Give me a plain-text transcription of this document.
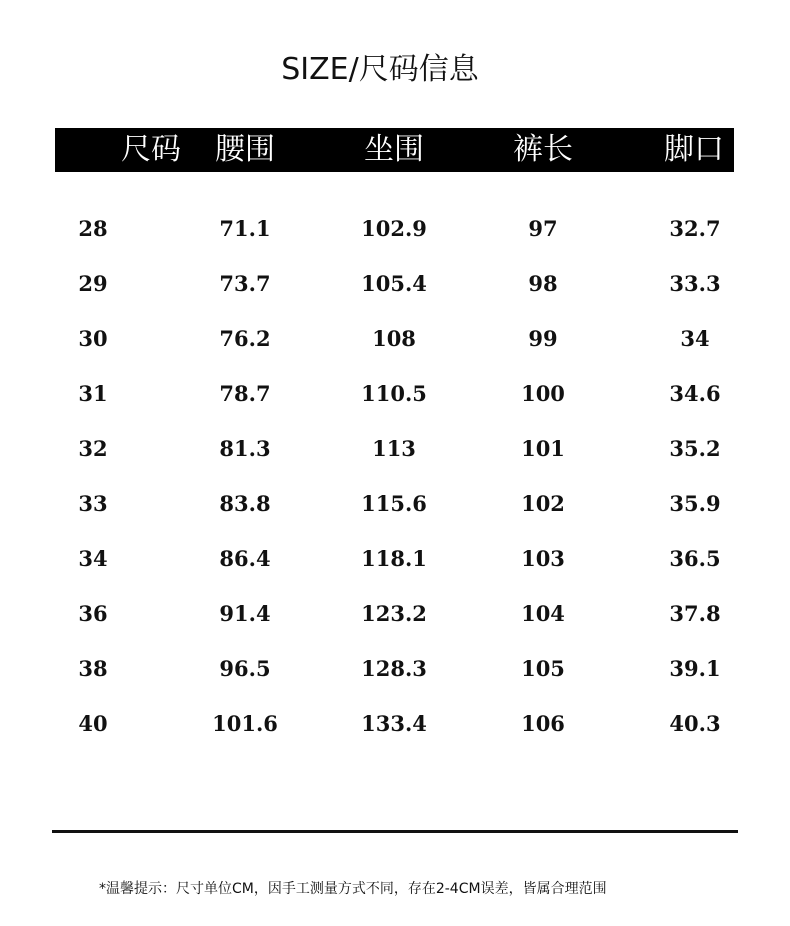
SIZE/尺码信息
尺码	腰围	坐围	裤长	脚口
28	71.1	102.9	97	32.7
29	73.7	105.4	98	33.3
30	76.2	108	99	34
31	78.7	110.5	100	34.6
32	81.3	113	101	35.2
33	83.8	115.6	102	35.9
34	86.4	118.1	103	36.5
36	91.4	123.2	104	37.8
38	96.5	128.3	105	39.1
40	101.6	133.4	106	40.3
*温馨提示：尺寸单位CM，因手工测量方式不同，存在2-4CM误差，皆属合理范围
